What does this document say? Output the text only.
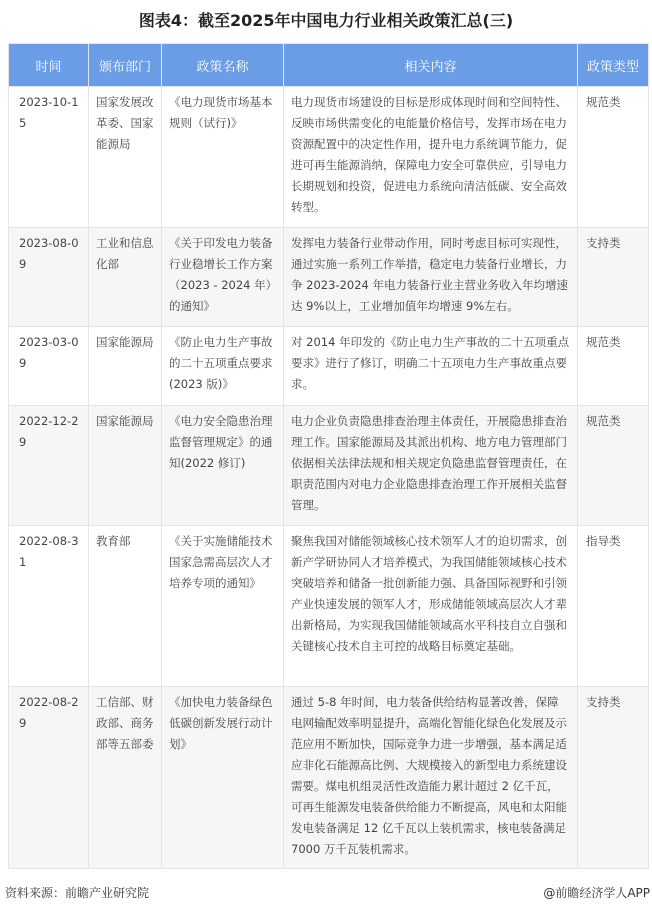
图表4：截至2025年中国电力行业相关政策汇总(三)
时间	颁布部门	政策名称	相关内容	政策类型
2023-10-15	国家发展改革委、国家能源局	《电力现货市场基本规则（试行)》	电力现货市场建设的目标是形成体现时间和空间特性、反映市场供需变化的电能量价格信号，发挥市场在电力资源配置中的决定性作用，提升电力系统调节能力，促进可再生能源消纳，保障电力安全可靠供应，引导电力长期规划和投资，促进电力系统向清洁低碳、安全高效转型。	规范类
2023-08-09	工业和信息化部	《关于印发电力装备行业稳增长工作方案（2023 - 2024 年）的通知》	发挥电力装备行业带动作用，同时考虑目标可实现性，通过实施一系列工作举措，稳定电力装备行业增长，力争 2023-2024 年电力装备行业主营业务收入年均增速达 9%以上，工业增加值年均增速 9%左右。	支持类
2023-03-09	国家能源局	《防止电力生产事故的二十五项重点要求(2023 版)》	对 2014 年印发的《防止电力生产事故的二十五项重点要求》进行了修订，明确二十五项电力生产事故重点要求。	规范类
2022-12-29	国家能源局	《电力安全隐患治理监督管理规定》的通知(2022 修订)	电力企业负责隐患排查治理主体责任，开展隐患排查治理工作。国家能源局及其派出机构、地方电力管理部门依据相关法律法规和相关规定负隐患监督管理责任，在职责范围内对电力企业隐患排查治理工作开展相关监督管理。	规范类
2022-08-31	教育部	《关于实施储能技术国家急需高层次人才培养专项的通知》	聚焦我国对储能领域核心技术领军人才的迫切需求，创新产学研协同人才培养模式，为我国储能领域核心技术突破培养和储备一批创新能力强、具备国际视野和引领产业快速发展的领军人才，形成储能领域高层次人才辈出新格局，为实现我国储能领域高水平科技自立自强和关键核心技术自主可控的战略目标奠定基础。	指导类
2022-08-29	工信部、财政部、商务部等五部委	《加快电力装备绿色低碳创新发展行动计划》	通过 5-8 年时间，电力装备供给结构显著改善，保障电网输配效率明显提升，高端化智能化绿色化发展及示范应用不断加快，国际竞争力进一步增强，基本满足适应非化石能源高比例、大规模接入的新型电力系统建设需要。煤电机组灵活性改造能力累计超过 2 亿千瓦，可再生能源发电装备供给能力不断提高，风电和太阳能发电装备满足 12 亿千瓦以上装机需求，核电装备满足 7000 万千瓦装机需求。	支持类
资料来源：前瞻产业研究院	@前瞻经济学人APP
